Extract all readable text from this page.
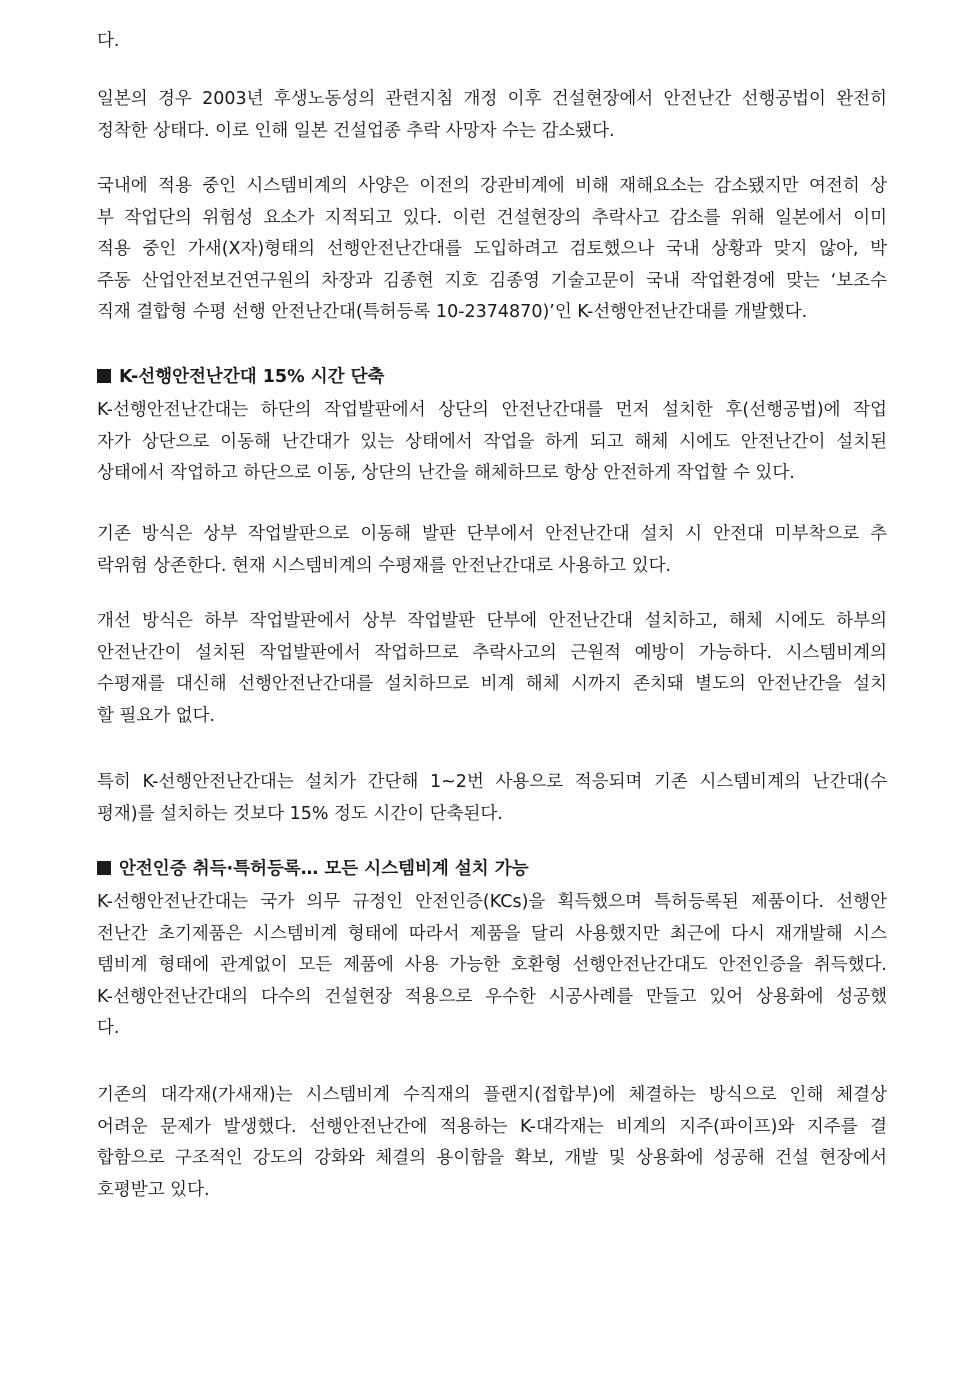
다.
일본의 경우 2003년 후생노동성의 관련지침 개정 이후 건설현장에서 안전난간 선행공법이 완전히
정착한 상태다. 이로 인해 일본 건설업종 추락 사망자 수는 감소됐다.
국내에 적용 중인 시스템비계의 사양은 이전의 강관비계에 비해 재해요소는 감소됐지만 여전히 상
부 작업단의 위험성 요소가 지적되고 있다. 이런 건설현장의 추락사고 감소를 위해 일본에서 이미
적용 중인 가새(X자)형태의 선행안전난간대를 도입하려고 검토했으나 국내 상황과 맞지 않아, 박
주동 산업안전보건연구원의 차장과 김종현 지호 김종영 기술고문이 국내 작업환경에 맞는 ‘보조수
직재 결합형 수평 선행 안전난간대(특허등록 10-2374870)’인 K-선행안전난간대를 개발했다.
K-선행안전난간대 15% 시간 단축
K-선행안전난간대는 하단의 작업발판에서 상단의 안전난간대를 먼저 설치한 후(선행공법)에 작업
자가 상단으로 이동해 난간대가 있는 상태에서 작업을 하게 되고 해체 시에도 안전난간이 설치된
상태에서 작업하고 하단으로 이동, 상단의 난간을 해체하므로 항상 안전하게 작업할 수 있다.
기존 방식은 상부 작업발판으로 이동해 발판 단부에서 안전난간대 설치 시 안전대 미부착으로 추
락위험 상존한다. 현재 시스템비계의 수평재를 안전난간대로 사용하고 있다.
개선 방식은 하부 작업발판에서 상부 작업발판 단부에 안전난간대 설치하고, 해체 시에도 하부의
안전난간이 설치된 작업발판에서 작업하므로 추락사고의 근원적 예방이 가능하다. 시스템비계의
수평재를 대신해 선행안전난간대를 설치하므로 비계 해체 시까지 존치돼 별도의 안전난간을 설치
할 필요가 없다.
특히 K-선행안전난간대는 설치가 간단해 1~2번 사용으로 적응되며 기존 시스템비계의 난간대(수
평재)를 설치하는 것보다 15% 정도 시간이 단축된다.
안전인증 취득·특허등록… 모든 시스템비계 설치 가능
K-선행안전난간대는 국가 의무 규정인 안전인증(KCs)을 획득했으며 특허등록된 제품이다. 선행안
전난간 초기제품은 시스템비계 형태에 따라서 제품을 달리 사용했지만 최근에 다시 재개발해 시스
템비계 형태에 관계없이 모든 제품에 사용 가능한 호환형 선행안전난간대도 안전인증을 취득했다.
K-선행안전난간대의 다수의 건설현장 적용으로 우수한 시공사례를 만들고 있어 상용화에 성공했
다.
기존의 대각재(가새재)는 시스템비계 수직재의 플랜지(접합부)에 체결하는 방식으로 인해 체결상
어려운 문제가 발생했다. 선행안전난간에 적용하는 K-대각재는 비계의 지주(파이프)와 지주를 결
합함으로 구조적인 강도의 강화와 체결의 용이함을 확보, 개발 및 상용화에 성공해 건설 현장에서
호평받고 있다.
